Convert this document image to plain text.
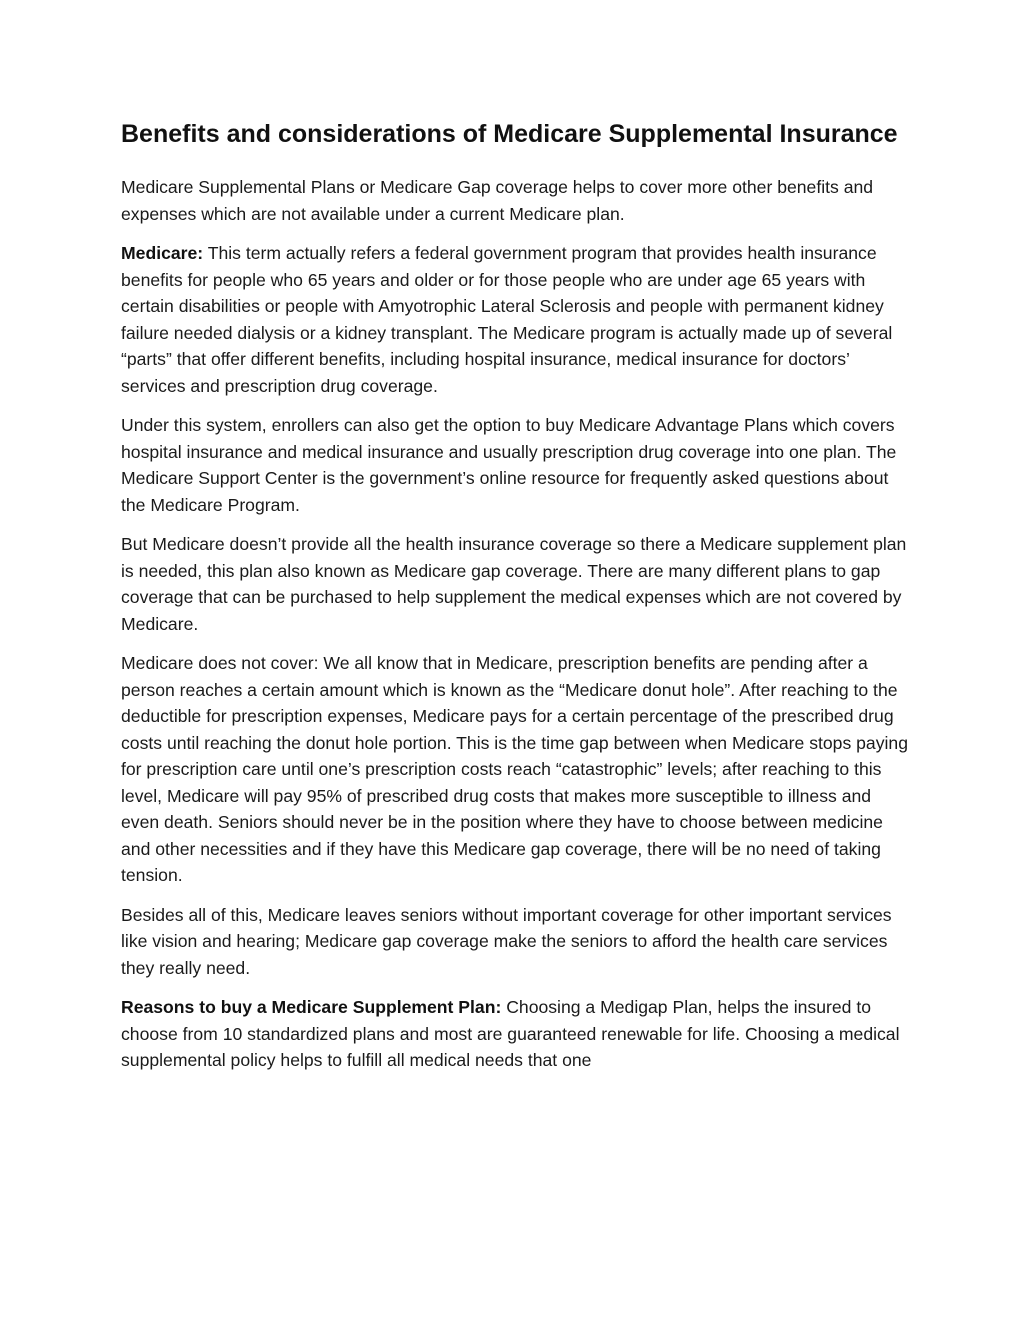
Benefits and considerations of Medicare Supplemental Insurance

Medicare Supplemental Plans or Medicare Gap coverage helps to cover more other benefits and expenses which are not available under a current Medicare plan.

Medicare: This term actually refers a federal government program that provides health insurance benefits for people who 65 years and older or for those people who are under age 65 years with certain disabilities or people with Amyotrophic Lateral Sclerosis and people with permanent kidney failure needed dialysis or a kidney transplant. The Medicare program is actually made up of several “parts” that offer different benefits, including hospital insurance, medical insurance for doctors’ services and prescription drug coverage.

Under this system, enrollers can also get the option to buy Medicare Advantage Plans which covers hospital insurance and medical insurance and usually prescription drug coverage into one plan. The Medicare Support Center is the government’s online resource for frequently asked questions about the Medicare Program.

But Medicare doesn’t provide all the health insurance coverage so there a Medicare supplement plan is needed, this plan also known as Medicare gap coverage. There are many different plans to gap coverage that can be purchased to help supplement the medical expenses which are not covered by Medicare.

Medicare does not cover: We all know that in Medicare, prescription benefits are pending after a person reaches a certain amount which is known as the “Medicare donut hole”. After reaching to the deductible for prescription expenses, Medicare pays for a certain percentage of the prescribed drug costs until reaching the donut hole portion. This is the time gap between when Medicare stops paying for prescription care until one’s prescription costs reach “catastrophic” levels; after reaching to this level, Medicare will pay 95% of prescribed drug costs that makes more susceptible to illness and even death. Seniors should never be in the position where they have to choose between medicine and other necessities and if they have this Medicare gap coverage, there will be no need of taking tension.

Besides all of this, Medicare leaves seniors without important coverage for other important services like vision and hearing; Medicare gap coverage make the seniors to afford the health care services they really need.

Reasons to buy a Medicare Supplement Plan: Choosing a Medigap Plan, helps the insured to choose from 10 standardized plans and most are guaranteed renewable for life. Choosing a medical supplemental policy helps to fulfill all medical needs that one
